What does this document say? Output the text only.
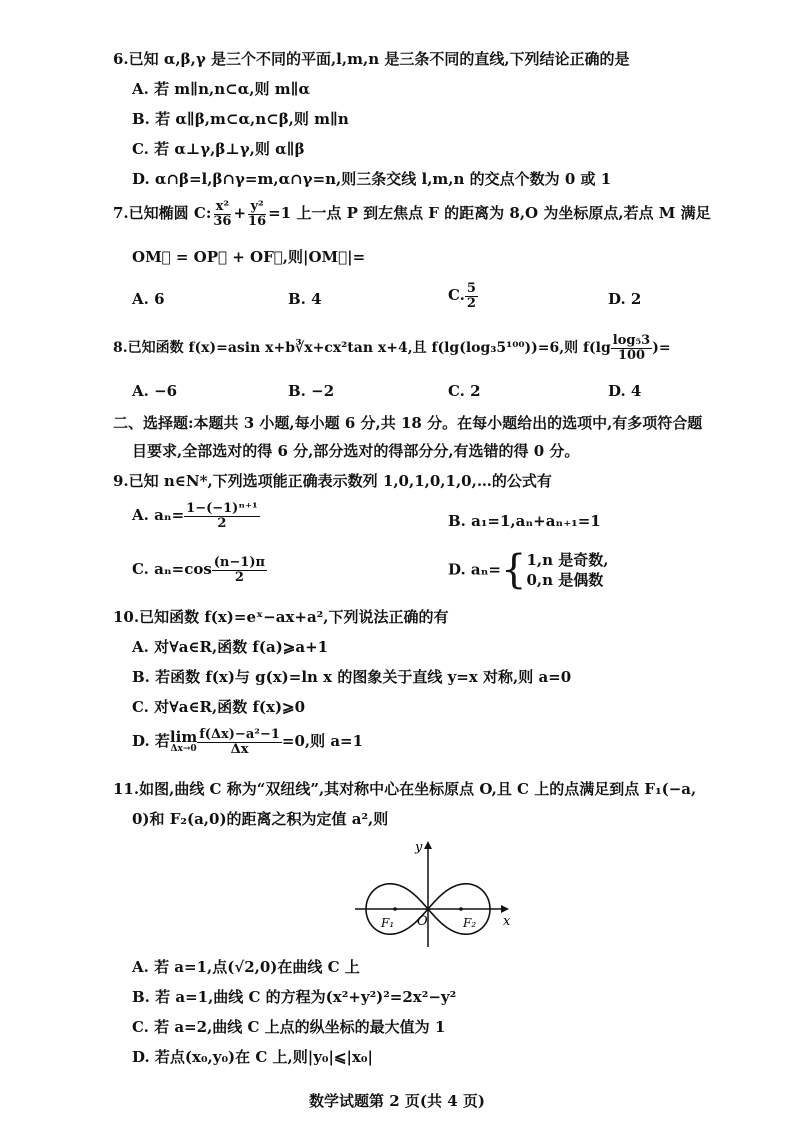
6.已知 α,β,γ 是三个不同的平面,l,m,n 是三条不同的直线,下列结论正确的是
A. 若 m∥n,n⊂α,则 m∥α
B. 若 α∥β,m⊂α,n⊂β,则 m∥n
C. 若 α⊥γ,β⊥γ,则 α∥β
D. α∩β=l,β∩γ=m,α∩γ=n,则三条交线 l,m,n 的交点个数为 0 或 1
7.已知椭圆 C: $\frac{\text{x²}}{36} + \frac{\text{y²}}{16} =1$ 上一点 P 到左焦点 F 的距离为 8,O 为坐标原点,若点 M 满足
OM⃗ = OP⃗ + OF⃗,则|OM⃗|=
A. 6	B. 4	C. $\frac{5}{2}$	D. 2
8.已知函数 f(x)=asin x+b∛x+cx²tan x+4,且 f(lg(log₃5¹⁰⁰))=6,则 $f(\lg \frac{\text{log₅3}}{100}$ )=
A. −6	B. −2	C. 2	D. 4
二、选择题:本题共 3 小题,每小题 6 分,共 18 分。在每小题给出的选项中,有多项符合题
目要求,全部选对的得 6 分,部分选对的得部分分,有选错的得 0 分。
9.已知 n∈N*,下列选项能正确表示数列 1,0,1,0,1,0,…的公式有
A. $a_n= \frac{\text{1−(−1)ⁿ⁺¹}}{2}$	B. a₁=1,aₙ+aₙ₊₁=1
C. $a_n=\cos \frac{(n-1)\pi}{2}$	D. aₙ={ 1,n 是奇数,
0,n 是偶数
10.已知函数 f(x)=eˣ−ax+a²,下列说法正确的有
A. 对∀a∈R,函数 f(a)⩾a+1
B. 若函数 f(x)与 g(x)=ln x 的图象关于直线 y=x 对称,则 a=0
C. 对∀a∈R,函数 f(x)⩾0
D. 若 lim
$\Delta x\to 0 \frac{\text{f(Δx)−a²−1}}{\Delta x} =0$,则 a=1
11.如图,曲线 C 称为“双纽线”,其对称中心在坐标原点 O,且 C 上的点满足到点 F₁(−a,
0)和 F₂(a,0)的距离之积为定值 a²,则
y
x
O
F₁	F₂
A. 若 a=1,点(√2,0)在曲线 C 上
B. 若 a=1,曲线 C 的方程为(x²+y²)²=2x²−y²
C. 若 a=2,曲线 C 上点的纵坐标的最大值为 1
D. 若点(x₀,y₀)在 C 上,则|y₀|⩽|x₀|
数学试题第 2 页(共 4 页)
